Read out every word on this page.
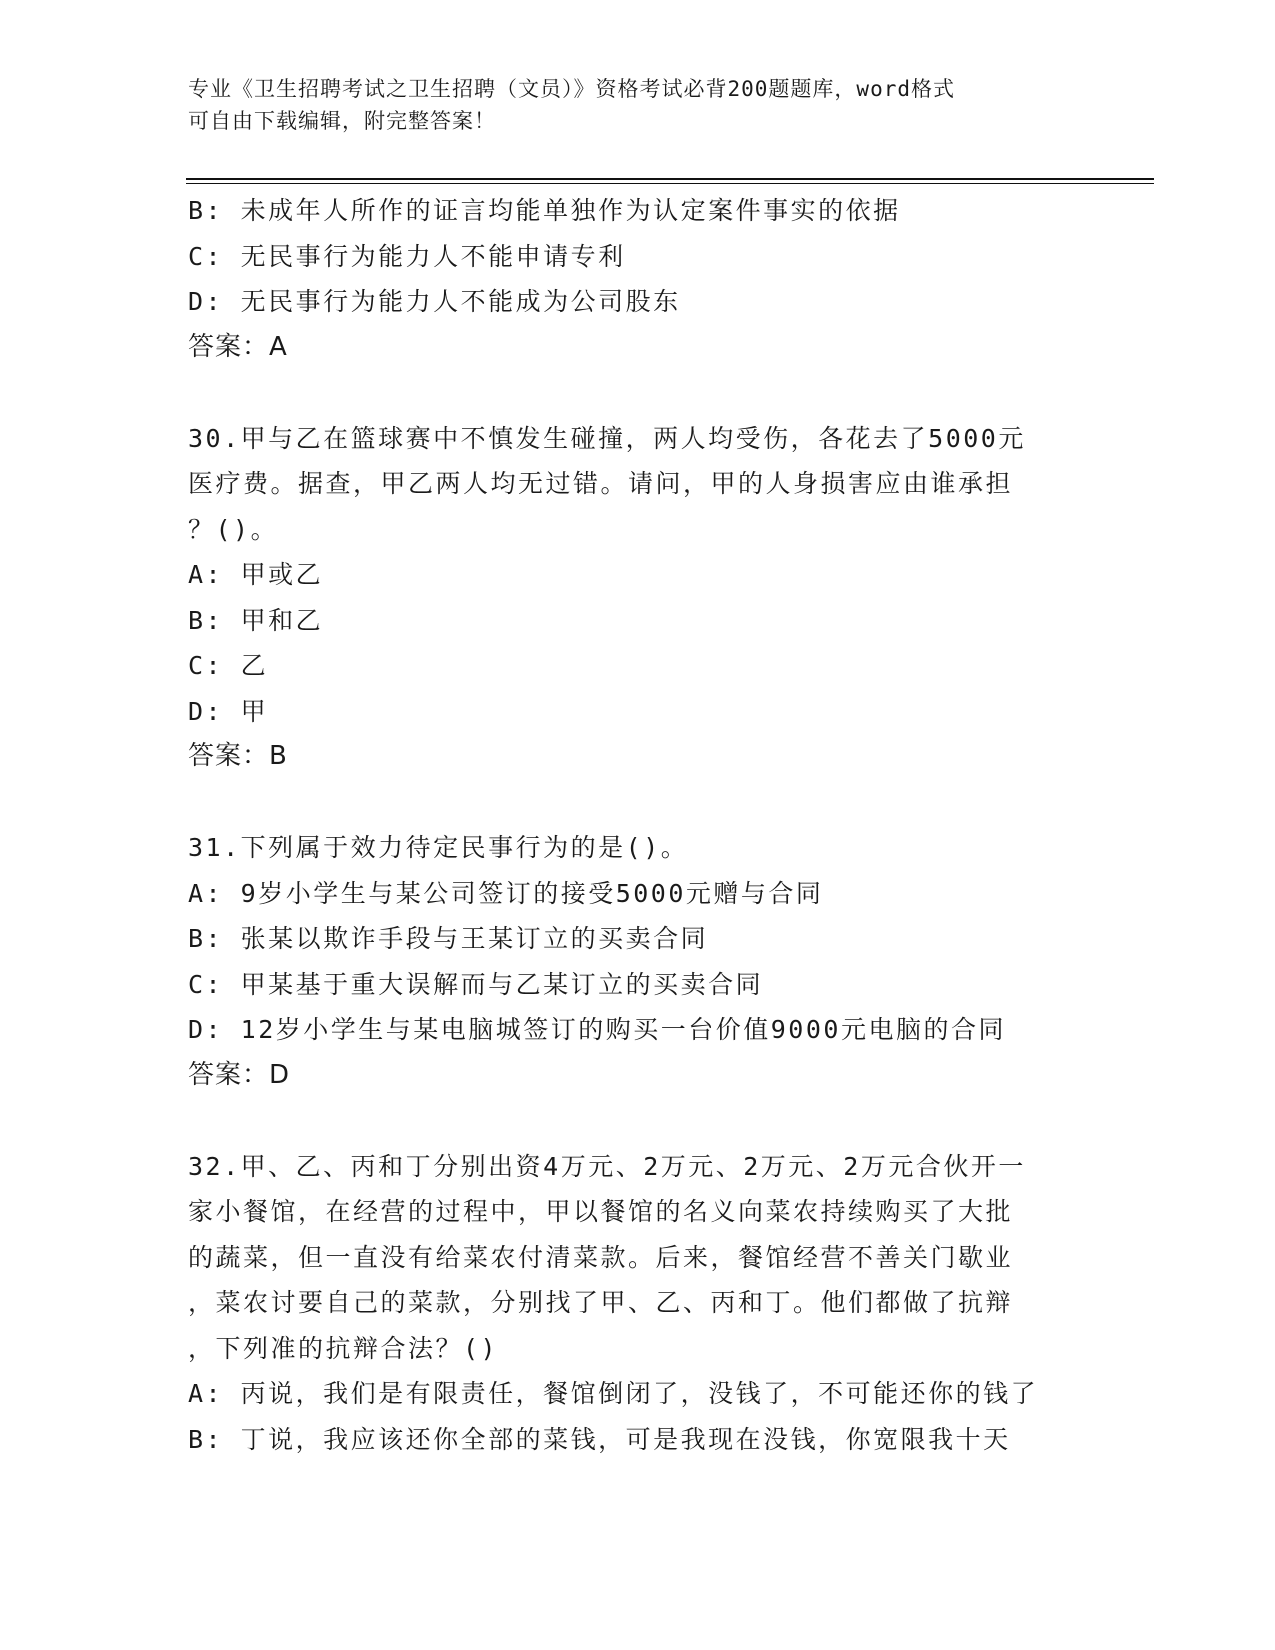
专业《卫生招聘考试之卫生招聘（文员）》资格考试必背200题题库，word格式
可自由下载编辑，附完整答案！

B: 未成年人所作的证言均能单独作为认定案件事实的依据

C: 无民事行为能力人不能申请专利

D: 无民事行为能力人不能成为公司股东

答案：A

30.甲与乙在篮球赛中不慎发生碰撞，两人均受伤，各花去了5000元

医疗费。据查，甲乙两人均无过错。请问，甲的人身损害应由谁承担

？()。

A: 甲或乙

B: 甲和乙

C: 乙

D: 甲

答案：B

31.下列属于效力待定民事行为的是()。

A: 9岁小学生与某公司签订的接受5000元赠与合同

B: 张某以欺诈手段与王某订立的买卖合同

C: 甲某基于重大误解而与乙某订立的买卖合同

D: 12岁小学生与某电脑城签订的购买一台价值9000元电脑的合同

答案：D

32.甲、乙、丙和丁分别出资4万元、2万元、2万元、2万元合伙开一

家小餐馆，在经营的过程中，甲以餐馆的名义向菜农持续购买了大批

的蔬菜，但一直没有给菜农付清菜款。后来，餐馆经营不善关门歇业

，菜农讨要自己的菜款，分别找了甲、乙、丙和丁。他们都做了抗辩

，下列准的抗辩合法？()

A: 丙说，我们是有限责任，餐馆倒闭了，没钱了，不可能还你的钱了

B: 丁说，我应该还你全部的菜钱，可是我现在没钱，你宽限我十天
